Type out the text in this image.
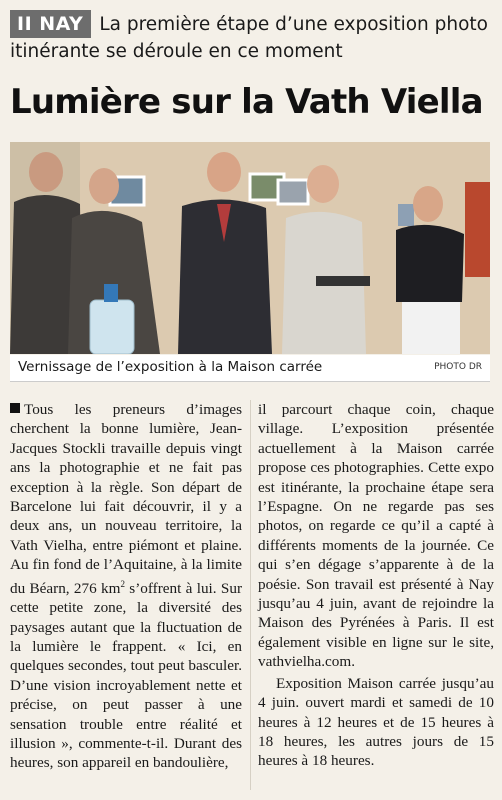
II NAY La première étape d’une exposition photo itinérante se déroule en ce moment
Lumière sur la Vath Viella
Vernissage de l’exposition à la Maison carrée	PHOTO DR

Tous les preneurs d’images cherchent la bonne lumière, Jean-Jacques Stockli travaille depuis vingt ans la photographie et ne fait pas exception à la règle. Son départ de Barcelone lui fait découvrir, il y a deux ans, un nouveau territoire, la Vath Vielha, entre piémont et plaine. Au fin fond de l’Aquitaine, à la limite du Béarn, 276 $km^2$ s’offrent à lui. Sur cette petite zone, la diversité des paysages autant que la fluctuation de la lumière le frappent. « Ici, en quelques secondes, tout peut basculer. D’une vision incroyablement nette et précise, on peut passer à une sensation trouble entre réalité et illusion », commente-t-il. Durant des heures, son appareil en bandoulière,

il parcourt chaque coin, chaque village. L’exposition présentée actuellement à la Maison carrée propose ces photographies. Cette expo est itinérante, la prochaine étape sera l’Espagne. On ne regarde pas ses photos, on regarde ce qu’il a capté à différents moments de la journée. Ce qui s’en dégage s’apparente à de la poésie. Son travail est présenté à Nay jusqu’au 4 juin, avant de rejoindre la Maison des Pyrénées à Paris. Il est également visible en ligne sur le site, vathvielha.com.

Exposition Maison carrée jusqu’au 4 juin. ouvert mardi et samedi de 10 heures à 12 heures et de 15 heures à 18 heures, les autres jours de 15 heures à 18 heures.
